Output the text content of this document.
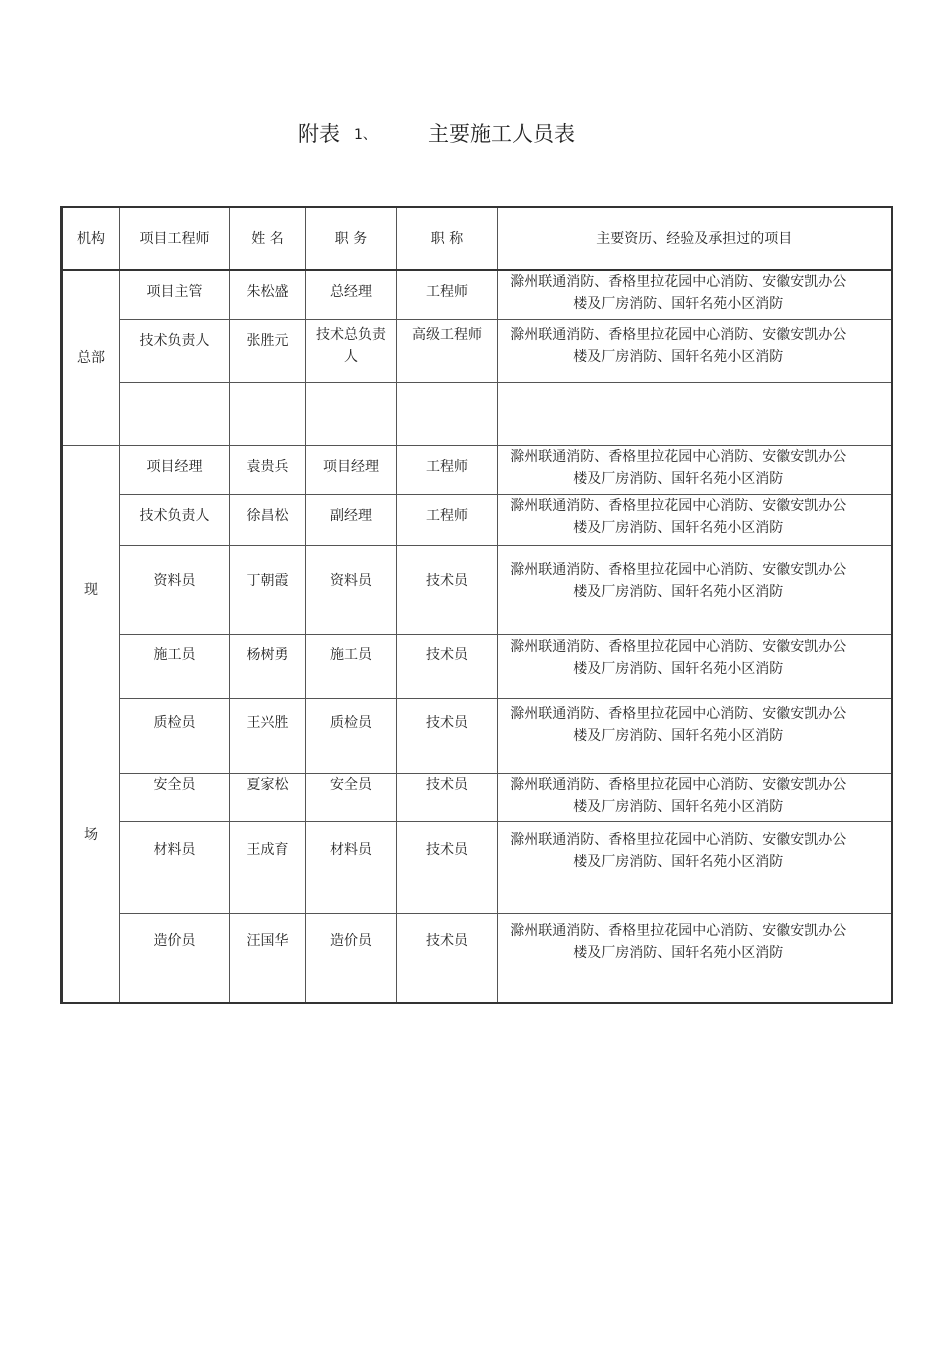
附表 1、 主要施工人员表
机构	项目工程师	姓 名	职 务	职 称	主要资历、经验及承担过的项目
总部	项目主管	朱松盛	总经理	工程师	滁州联通消防、香格里拉花园中心消防、安徽安凯办公楼及厂房消防、国轩名苑小区消防
	技术负责人	张胜元	技术总负责人	高级工程师	滁州联通消防、香格里拉花园中心消防、安徽安凯办公楼及厂房消防、国轩名苑小区消防

现
场	项目经理	袁贵兵	项目经理	工程师	滁州联通消防、香格里拉花园中心消防、安徽安凯办公楼及厂房消防、国轩名苑小区消防
	技术负责人	徐昌松	副经理	工程师	滁州联通消防、香格里拉花园中心消防、安徽安凯办公楼及厂房消防、国轩名苑小区消防
	资料员	丁朝霞	资料员	技术员	滁州联通消防、香格里拉花园中心消防、安徽安凯办公楼及厂房消防、国轩名苑小区消防
	施工员	杨树勇	施工员	技术员	滁州联通消防、香格里拉花园中心消防、安徽安凯办公楼及厂房消防、国轩名苑小区消防
	质检员	王兴胜	质检员	技术员	滁州联通消防、香格里拉花园中心消防、安徽安凯办公楼及厂房消防、国轩名苑小区消防
	安全员	夏家松	安全员	技术员	滁州联通消防、香格里拉花园中心消防、安徽安凯办公楼及厂房消防、国轩名苑小区消防
	材料员	王成育	材料员	技术员	滁州联通消防、香格里拉花园中心消防、安徽安凯办公楼及厂房消防、国轩名苑小区消防
	造价员	汪国华	造价员	技术员	滁州联通消防、香格里拉花园中心消防、安徽安凯办公楼及厂房消防、国轩名苑小区消防
